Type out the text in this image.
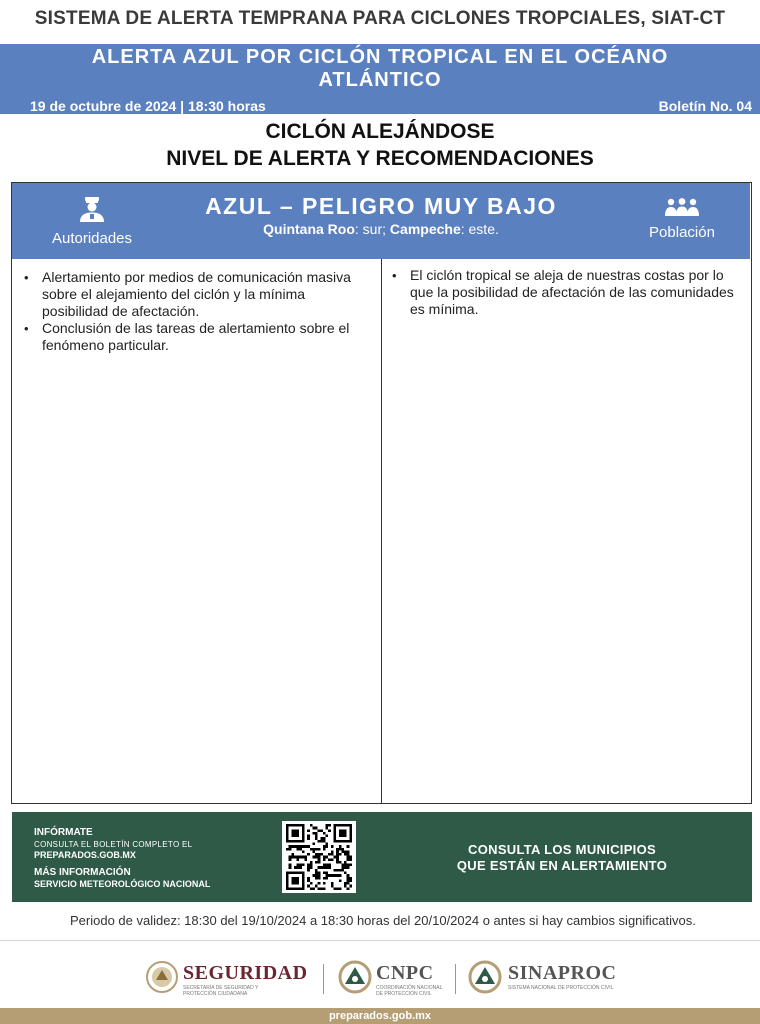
SISTEMA DE ALERTA TEMPRANA PARA CICLONES TROPCIALES, SIAT-CT
ALERTA AZUL POR CICLÓN TROPICAL EN EL OCÉANO
ATLÁNTICO
19 de octubre de 2024 | 18:30 horas	Boletín No. 04
CICLÓN ALEJÁNDOSE
NIVEL DE ALERTA Y RECOMENDACIONES
Autoridades
AZUL – PELIGRO MUY BAJO
Quintana Roo: sur; Campeche: este.	Población
• Alertamiento por medios de comunicación masiva sobre el alejamiento del ciclón y la mínima posibilidad de afectación.
• Conclusión de las tareas de alertamiento sobre el fenómeno particular.
• El ciclón tropical se aleja de nuestras costas por lo que la posibilidad de afectación de las comunidades es mínima.
INFÓRMATE
CONSULTA EL BOLETÍN COMPLETO EL
PREPARADOS.GOB.MX
MÁS INFORMACIÓN
SERVICIO METEOROLÓGICO NACIONAL
CONSULTA LOS MUNICIPIOS
QUE ESTÁN EN ALERTAMIENTO
Periodo de validez: 18:30 del 19/10/2024 a 18:30 horas del 20/10/2024 o antes si hay cambios significativos.
SEGURIDAD
SECRETARÍA DE SEGURIDAD Y PROTECCIÓN CIUDADANA
CNPC
COORDINACIÓN NACIONAL DE PROTECCIÓN CIVIL
SINAPROC
SISTEMA NACIONAL DE PROTECCIÓN CIVIL
preparados.gob.mx
